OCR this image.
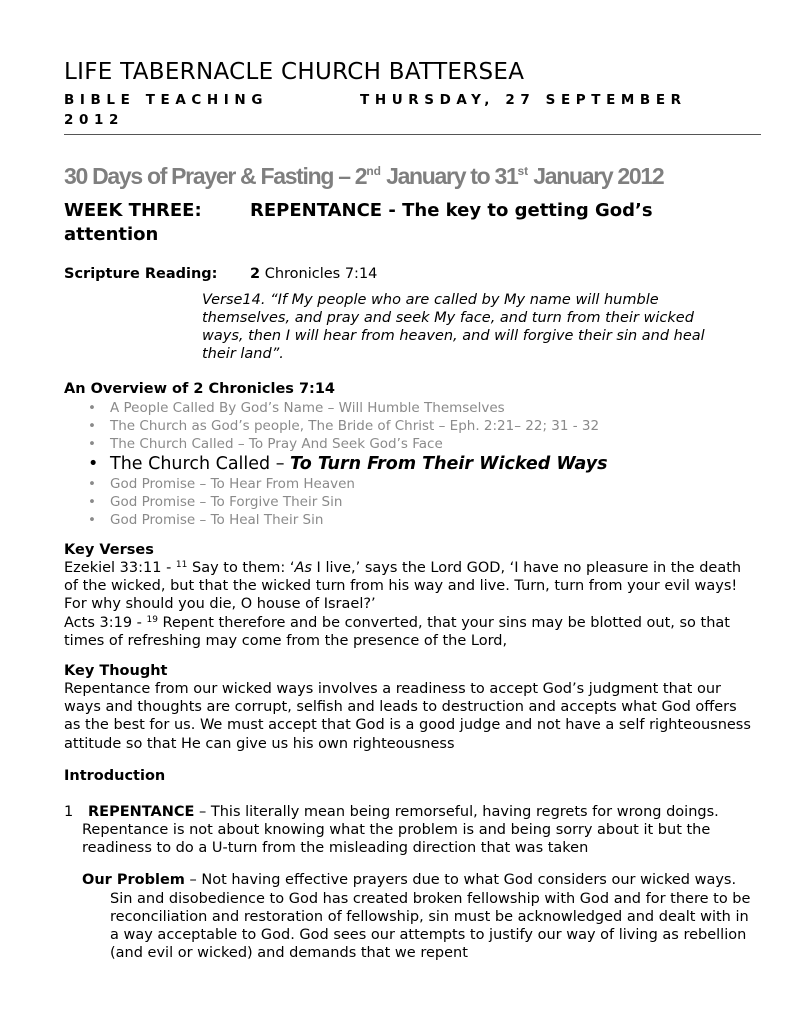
LIFE TABERNACLE CHURCH BATTERSEA
BIBLE TEACHING	THURSDAY, 27 SEPTEMBER
2012
30 Days of Prayer & Fasting – 2nd January to 31st January 2012
WEEK THREE:	REPENTANCE - The key to getting God’s
attention
Scripture Reading: 2 Chronicles 7:14
Verse14. “If My people who are called by My name will humble themselves, and pray and seek My face, and turn from their wicked ways, then I will hear from heaven, and will forgive their sin and heal their land”.
An Overview of 2 Chronicles 7:14
• A People Called By God’s Name – Will Humble Themselves
• The Church as God’s people, The Bride of Christ – Eph. 2:21– 22; 31 - 32
• The Church Called – To Pray And Seek God’s Face
• The Church Called – To Turn From Their Wicked Ways
• God Promise – To Hear From Heaven
• God Promise – To Forgive Their Sin
• God Promise – To Heal Their Sin
Key Verses
Ezekiel 33:11 - $^{11}$ Say to them: ‘As I live,’ says the Lord GOD, ‘I have no pleasure in the death of the wicked, but that the wicked turn from his way and live. Turn, turn from your evil ways! For why should you die, O house of Israel?’
Acts 3:19 - $^{19}$ Repent therefore and be converted, that your sins may be blotted out, so that times of refreshing may come from the presence of the Lord,
Key Thought
Repentance from our wicked ways involves a readiness to accept God’s judgment that our ways and thoughts are corrupt, selfish and leads to destruction and accepts what God offers as the best for us. We must accept that God is a good judge and not have a self righteousness attitude so that He can give us his own righteousness
Introduction
1 REPENTANCE – This literally mean being remorseful, having regrets for wrong doings. Repentance is not about knowing what the problem is and being sorry about it but the readiness to do a U-turn from the misleading direction that was taken
Our Problem – Not having effective prayers due to what God considers our wicked ways. Sin and disobedience to God has created broken fellowship with God and for there to be reconciliation and restoration of fellowship, sin must be acknowledged and dealt with in a way acceptable to God. God sees our attempts to justify our way of living as rebellion (and evil or wicked) and demands that we repent
